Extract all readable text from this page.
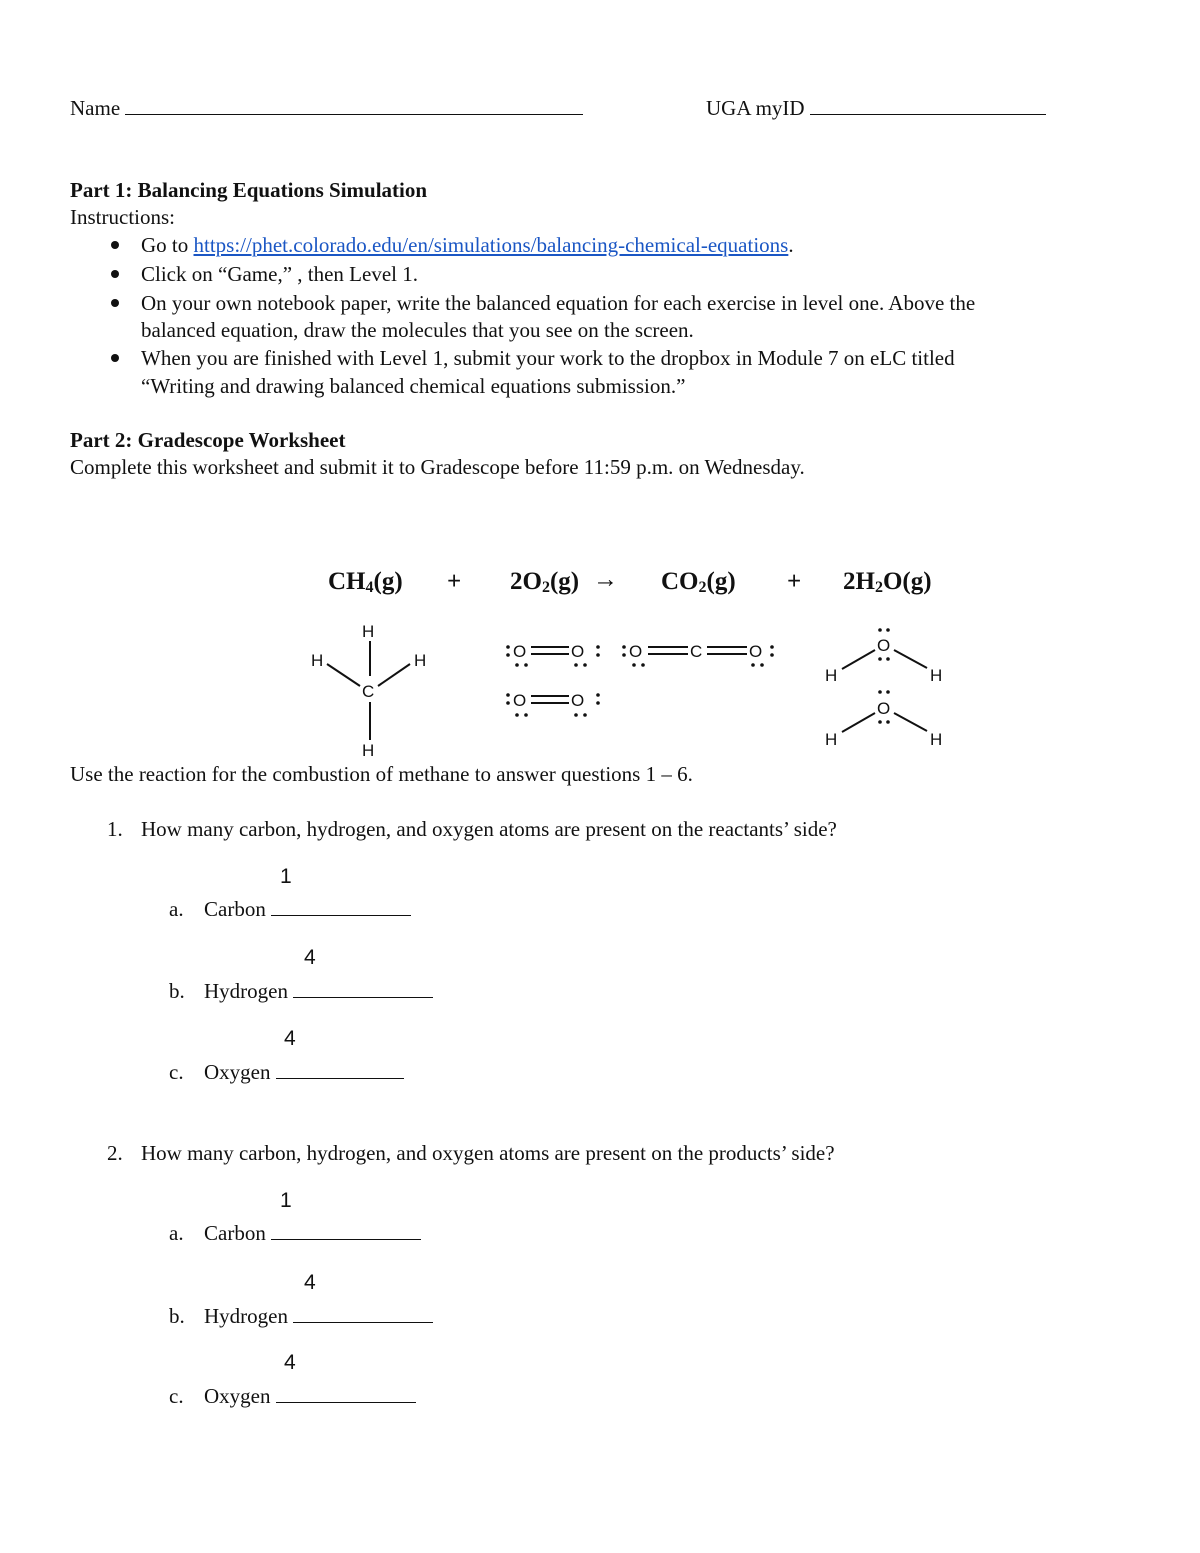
Name	UGA myID
Part 1: Balancing Equations Simulation
Instructions:
Go to https://phet.colorado.edu/en/simulations/balancing-chemical-equations.
Click on “Game,” , then Level 1.
On your own notebook paper, write the balanced equation for each exercise in level one. Above the
balanced equation, draw the molecules that you see on the screen.
When you are finished with Level 1, submit your work to the dropbox in Module 7 on eLC titled
“Writing and drawing balanced chemical equations submission.”
Part 2: Gradescope Worksheet
Complete this worksheet and submit it to Gradescope before 11:59 p.m. on Wednesday.
$CH_4(g) + 2O_2(g) \to CO_2(g) + 2H_2O(g)$
H
H	H
C
H
O	O
O	O
O	C	O	O
H	H
O
H	H
Use the reaction for the combustion of methane to answer questions 1 – 6.
1. How many carbon, hydrogen, and oxygen atoms are present on the reactants’ side?
1
a. Carbon
4
b. Hydrogen
4
c. Oxygen
2. How many carbon, hydrogen, and oxygen atoms are present on the products’ side?
1
a. Carbon
4
b. Hydrogen
4
c. Oxygen
